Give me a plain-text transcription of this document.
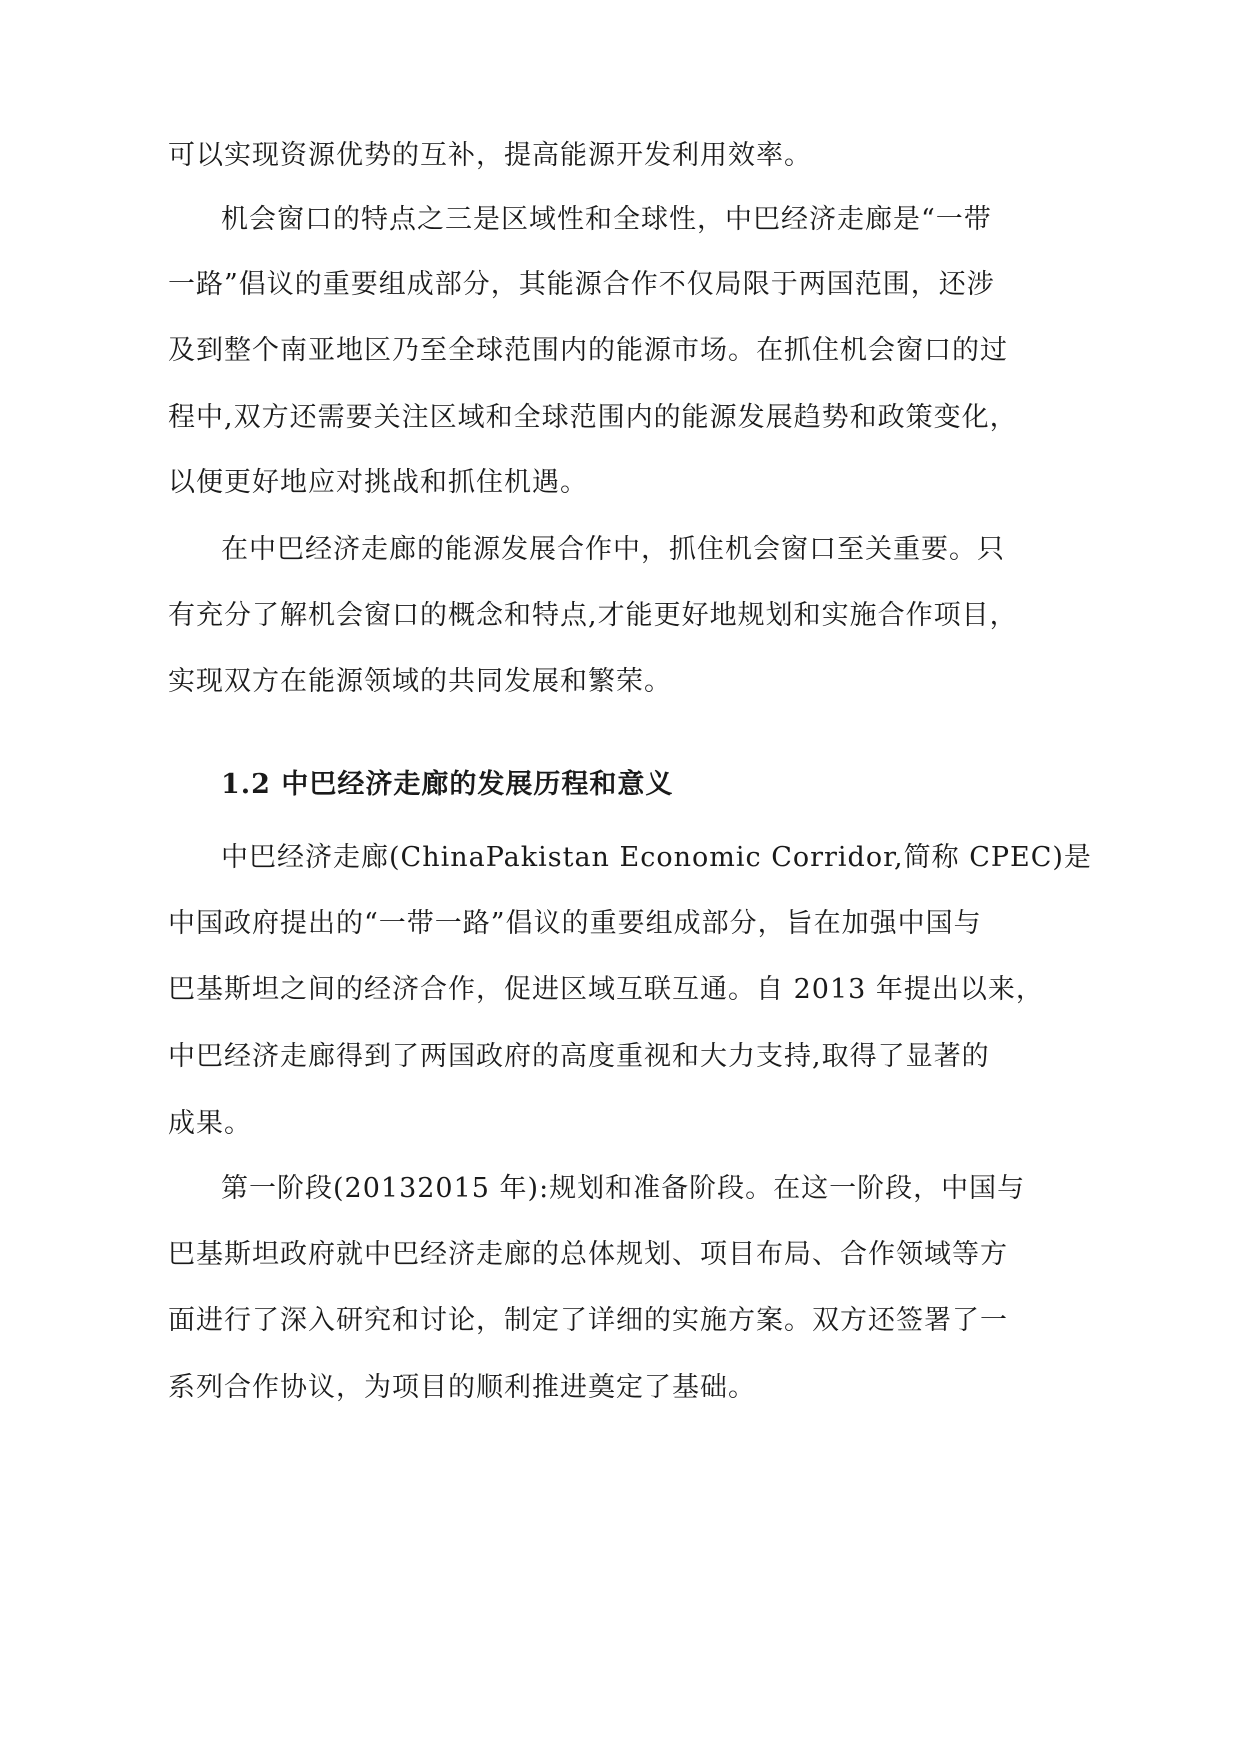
可以实现资源优势的互补，提高能源开发利用效率。
机会窗口的特点之三是区域性和全球性，中巴经济走廊是“一带
一路”倡议的重要组成部分，其能源合作不仅局限于两国范围，还涉
及到整个南亚地区乃至全球范围内的能源市场。在抓住机会窗口的过
程中,双方还需要关注区域和全球范围内的能源发展趋势和政策变化，
以便更好地应对挑战和抓住机遇。
在中巴经济走廊的能源发展合作中，抓住机会窗口至关重要。只
有充分了解机会窗口的概念和特点,才能更好地规划和实施合作项目，
实现双方在能源领域的共同发展和繁荣。
1.2 中巴经济走廊的发展历程和意义
中巴经济走廊(ChinaPakistan Economic Corridor,简称 CPEC)是
中国政府提出的“一带一路”倡议的重要组成部分，旨在加强中国与
巴基斯坦之间的经济合作，促进区域互联互通。自 2013 年提出以来，
中巴经济走廊得到了两国政府的高度重视和大力支持,取得了显著的
成果。
第一阶段(20132015 年):规划和准备阶段。在这一阶段，中国与
巴基斯坦政府就中巴经济走廊的总体规划、项目布局、合作领域等方
面进行了深入研究和讨论，制定了详细的实施方案。双方还签署了一
系列合作协议，为项目的顺利推进奠定了基础。
